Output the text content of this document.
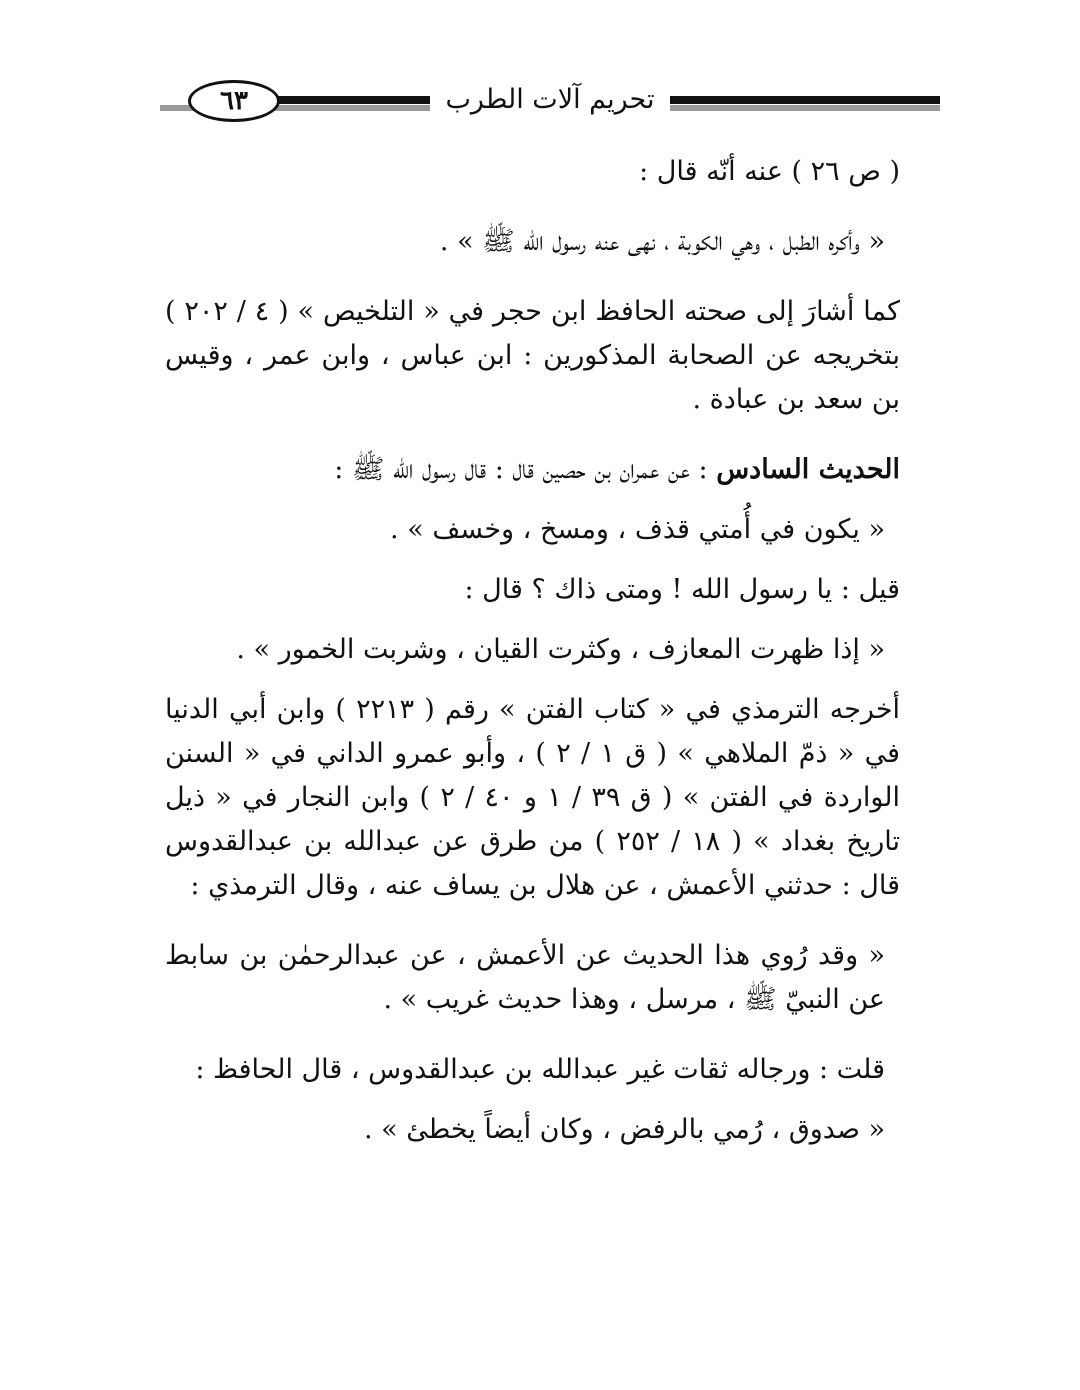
٦٣	تحريم آلات الطرب

( ص ٢٦ ) عنه أنّه قال :

« وأكره الطبل ، وهي الكوبة ، نهى عنه رسول الله ﷺ » .

كما أشارَ إلى صحته الحافظ ابن حجر في « التلخيص » ( ٤ / ٢٠٢ ) بتخريجه عن الصحابة المذكورين : ابن عباس ، وابن عمر ، وقيس بن سعد بن عبادة .

الحديث السادس : عن عمران بن حصين قال : قال رسول الله ﷺ :

« يكون في أُمتي قذف ، ومسخ ، وخسف » .

قيل : يا رسول الله ! ومتى ذاك ؟ قال :

« إذا ظهرت المعازف ، وكثرت القيان ، وشربت الخمور » .

أخرجه الترمذي في « كتاب الفتن » رقم ( ٢٢١٣ ) وابن أبي الدنيا في « ذمّ الملاهي » ( ق ١ / ٢ ) ، وأبو عمرو الداني في « السنن الواردة في الفتن » ( ق ٣٩ / ١ و ٤٠ / ٢ ) وابن النجار في « ذيل تاريخ بغداد » ( ١٨ / ٢٥٢ ) من طرق عن عبدالله بن عبدالقدوس قال : حدثني الأعمش ، عن هلال بن يساف عنه ، وقال الترمذي :

« وقد رُوي هذا الحديث عن الأعمش ، عن عبدالرحمٰن بن سابط عن النبيّ ﷺ ، مرسل ، وهذا حديث غريب » .

قلت : ورجاله ثقات غير عبدالله بن عبدالقدوس ، قال الحافظ :

« صدوق ، رُمي بالرفض ، وكان أيضاً يخطئ » .
